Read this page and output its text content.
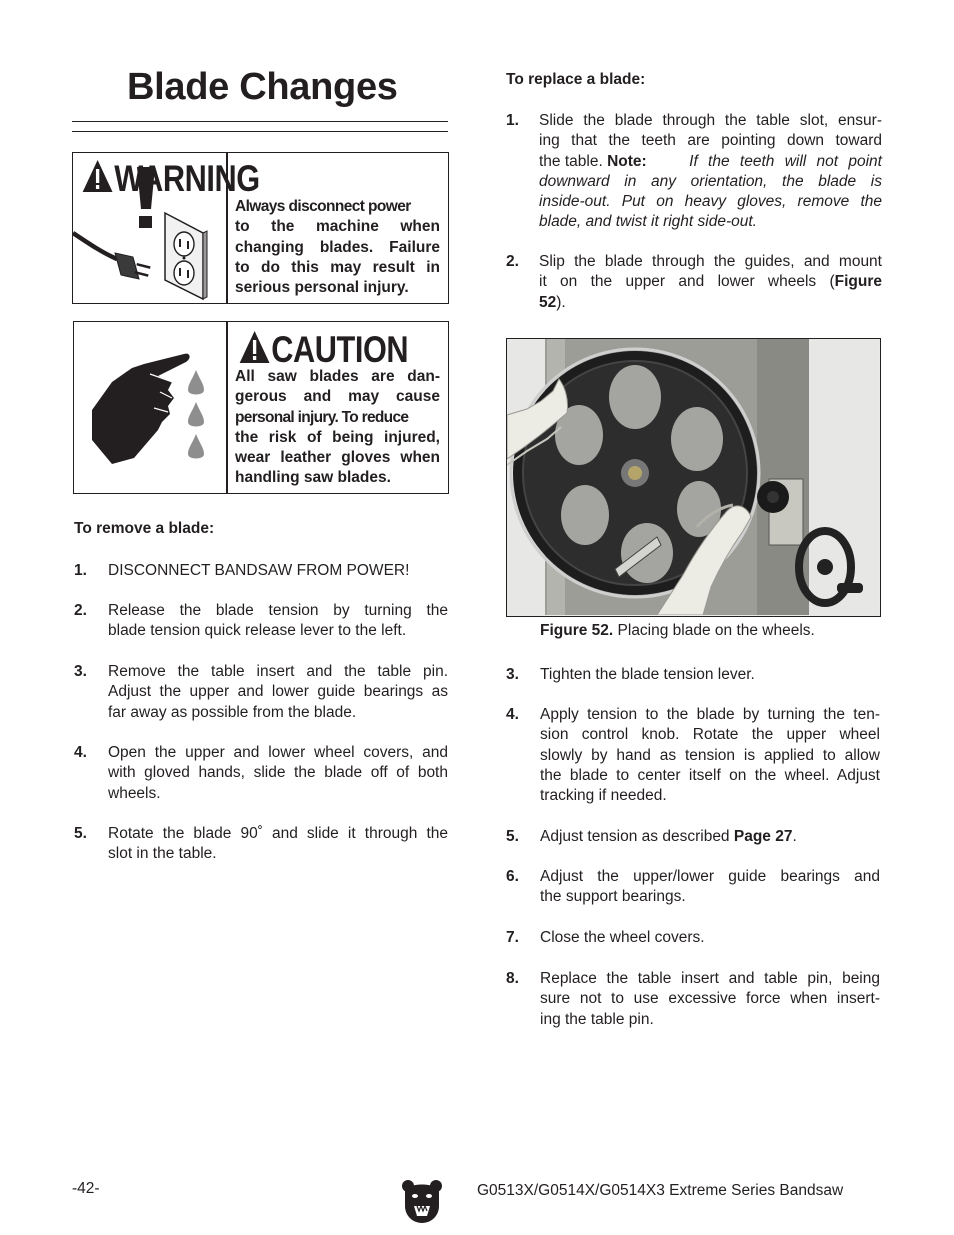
Blade Changes
WARNING
Always disconnect power
to the machine when
changing blades. Failure
to do this may result in
serious personal injury.
CAUTION
All saw blades are dan-
gerous and may cause
personal injury. To reduce
the risk of being injured,
wear leather gloves when
handling saw blades.
To remove a blade:
1. DISCONNECT BANDSAW FROM POWER!
2. Release the blade tension by turning the
blade tension quick release lever to the left.
3. Remove the table insert and the table pin.
Adjust the upper and lower guide bearings as
far away as possible from the blade.
4. Open the upper and lower wheel covers, and
with gloved hands, slide the blade off of both
wheels.
5. Rotate the blade 90˚ and slide it through the
slot in the table.
To replace a blade:
1. Slide the blade through the table slot, ensur-
ing that the teeth are pointing down toward
the table. Note:	If the teeth will not point
downward in any orientation, the blade is
inside-out. Put on heavy gloves, remove the
blade, and twist it right side-out.
2. Slip the blade through the guides, and mount
it on the upper and lower wheels (Figure
52).
Figure 52. Placing blade on the wheels.
3. Tighten the blade tension lever.
4. Apply tension to the blade by turning the ten-
sion control knob. Rotate the upper wheel
slowly by hand as tension is applied to allow
the blade to center itself on the wheel. Adjust
tracking if needed.
5. Adjust tension as described Page 27.
6. Adjust the upper/lower guide bearings and
the support bearings.
7. Close the wheel covers.
8. Replace the table insert and table pin, being
sure not to use excessive force when insert-
ing the table pin.
-42-	G0513X/G0514X/G0514X3 Extreme Series Bandsaw
